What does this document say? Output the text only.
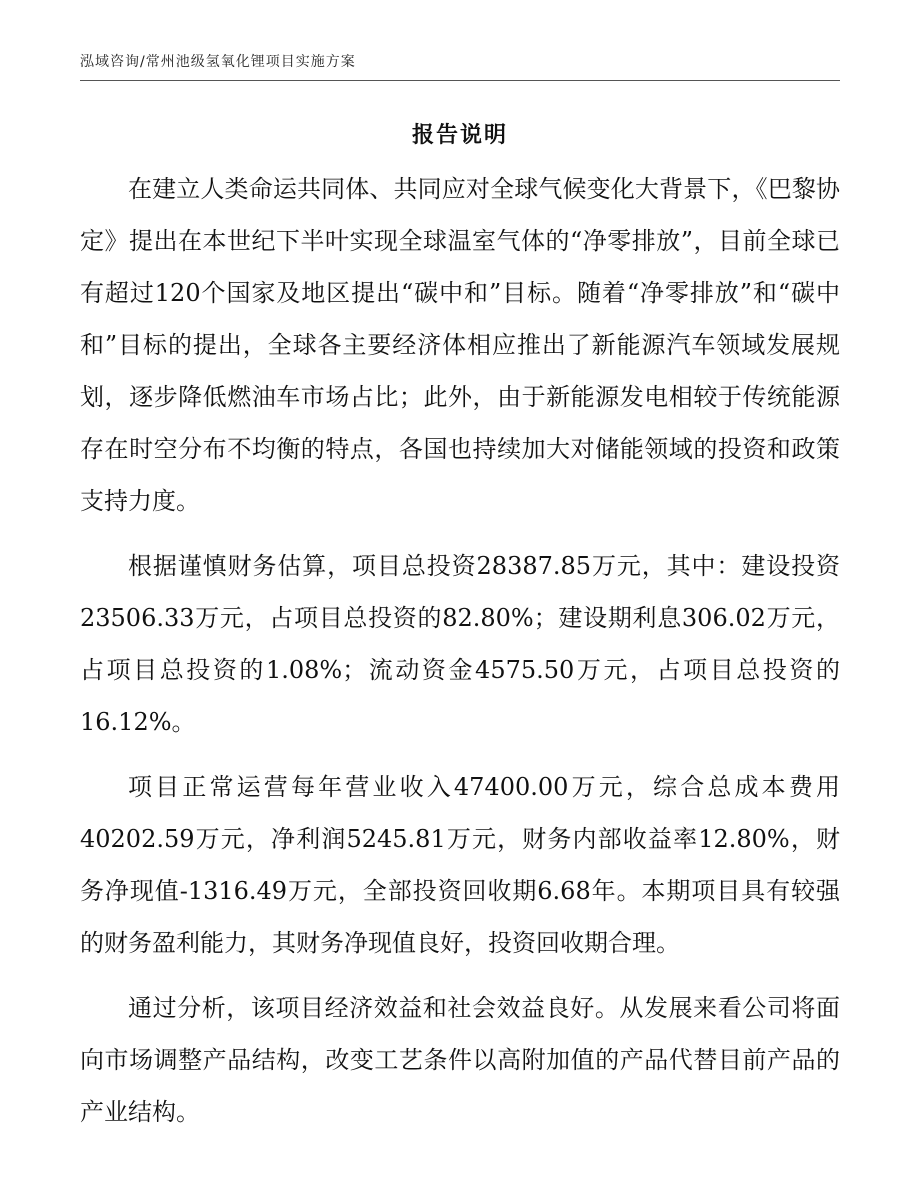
泓域咨询/常州池级氢氧化锂项目实施方案
报告说明

在建立人类命运共同体、共同应对全球气候变化大背景下，《巴黎协定》提出在本世纪下半叶实现全球温室气体的“净零排放”，目前全球已有超过120个国家及地区提出“碳中和”目标。随着“净零排放”和“碳中和”目标的提出，全球各主要经济体相应推出了新能源汽车领域发展规划，逐步降低燃油车市场占比；此外，由于新能源发电相较于传统能源存在时空分布不均衡的特点，各国也持续加大对储能领域的投资和政策支持力度。

根据谨慎财务估算，项目总投资28387.85万元，其中：建设投资23506.33万元，占项目总投资的82.80%；建设期利息306.02万元，占项目总投资的1.08%；流动资金4575.50万元，占项目总投资的16.12%。

项目正常运营每年营业收入47400.00万元，综合总成本费用40202.59万元，净利润5245.81万元，财务内部收益率12.80%，财务净现值-1316.49万元，全部投资回收期6.68年。本期项目具有较强的财务盈利能力，其财务净现值良好，投资回收期合理。

通过分析，该项目经济效益和社会效益良好。从发展来看公司将面向市场调整产品结构，改变工艺条件以高附加值的产品代替目前产品的产业结构。
